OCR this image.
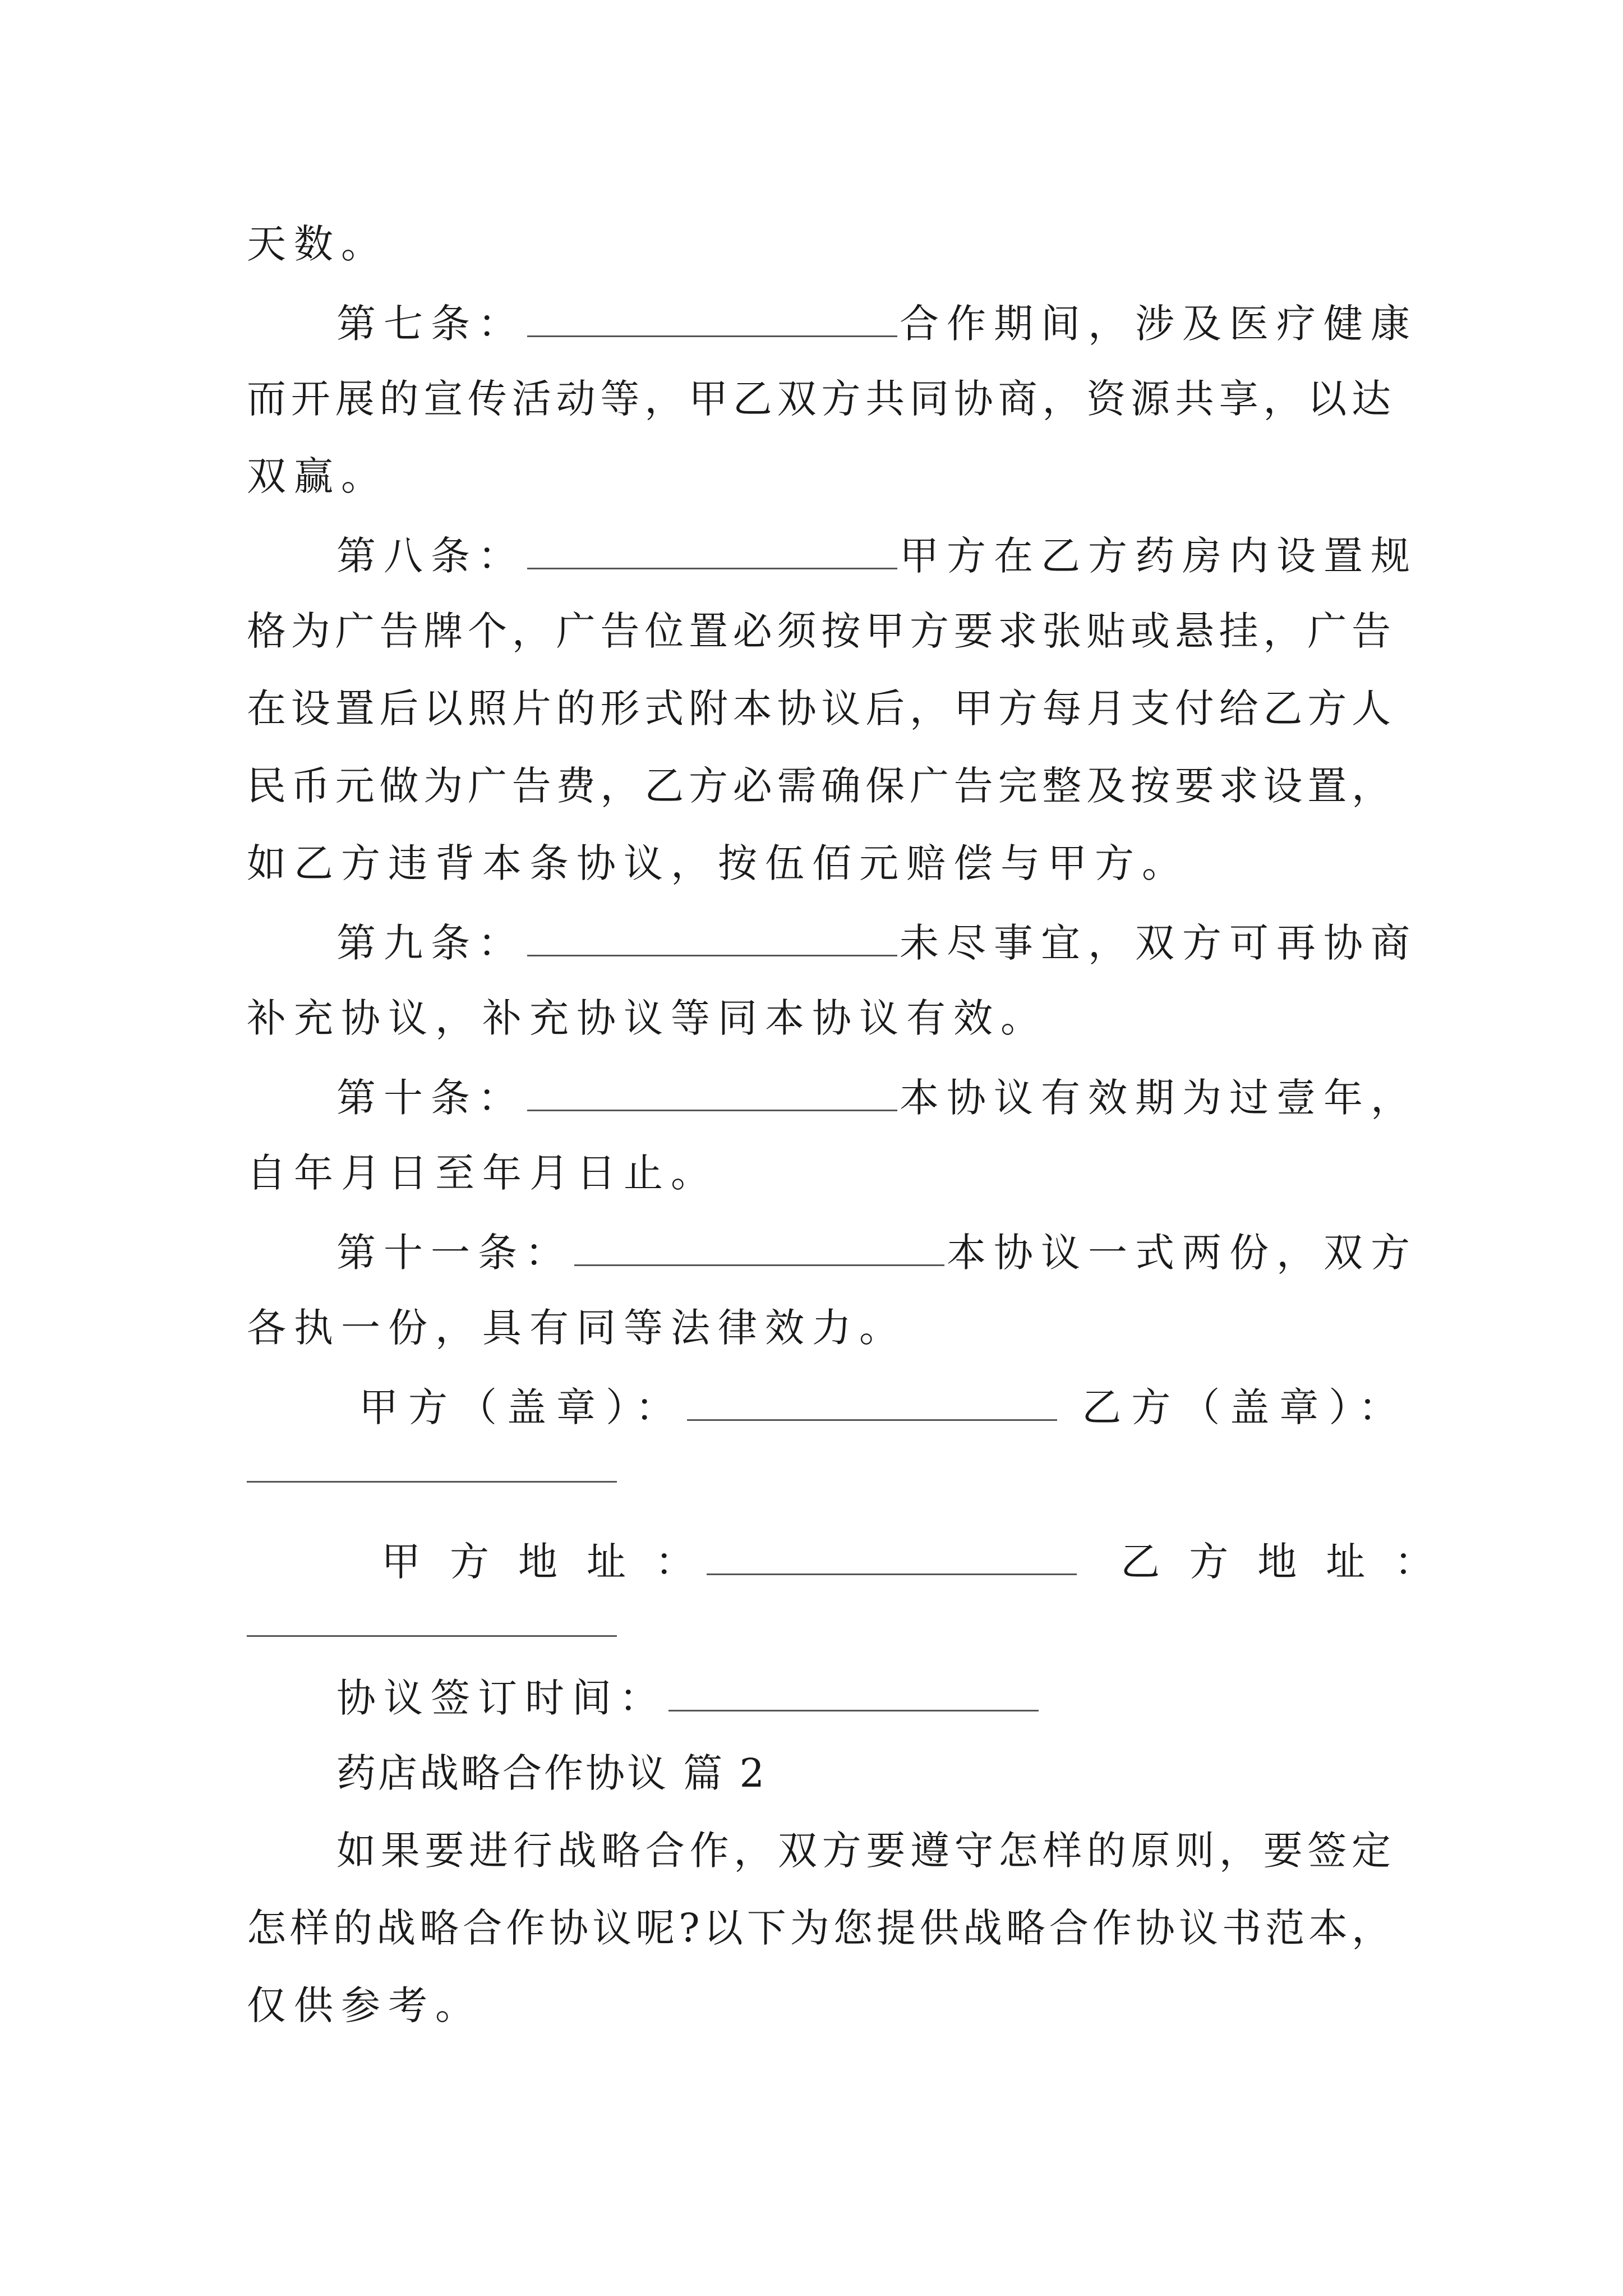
天数。
第七条：	合作期间，涉及医疗健康
而开展的宣传活动等，甲乙双方共同协商，资源共享，以达
双赢。
第八条：	甲方在乙方药房内设置规
格为广告牌个，广告位置必须按甲方要求张贴或悬挂，广告
在设置后以照片的形式附本协议后，甲方每月支付给乙方人
民币元做为广告费，乙方必需确保广告完整及按要求设置，
如乙方违背本条协议，按伍佰元赔偿与甲方。
第九条：	未尽事宜，双方可再协商
补充协议，补充协议等同本协议有效。
第十条：	本协议有效期为过壹年，
自年月日至年月日止。
第十一条：	本协议一式两份，双方
各执一份，具有同等法律效力。
甲方（盖章）：	乙方（盖章）：
甲方地址：	乙方地址：
协议签订时间：
药店战略合作协议 篇 2
如果要进行战略合作，双方要遵守怎样的原则，要签定
怎样的战略合作协议呢?以下为您提供战略合作协议书范本，
仅供参考。
